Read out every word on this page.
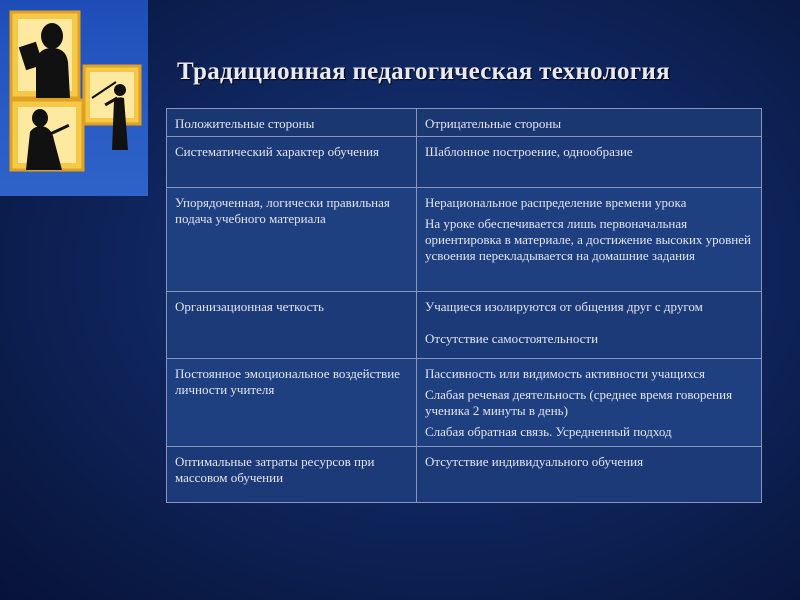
Традиционная педагогическая технология
Положительные стороны	Отрицательные стороны

Систематический характер обучения	Шаблонное построение, однообразие

Упорядоченная, логически правильная подача учебного материала	Нерациональное распределение времени урока
На уроке обеспечивается лишь первоначальная ориентировка в материале, а достижение высоких уровней усвоения перекладывается на домашние задания

Организационная четкость	Учащиеся изолируются от общения друг с другом
Отсутствие самостоятельности

Постоянное эмоциональное воздействие личности учителя	Пассивность или видимость активности учащихся
Слабая речевая деятельность (среднее время говорения ученика 2 минуты в день)
Слабая обратная связь. Усредненный подход

Оптимальные затраты ресурсов при массовом обучении	Отсутствие индивидуального обучения
